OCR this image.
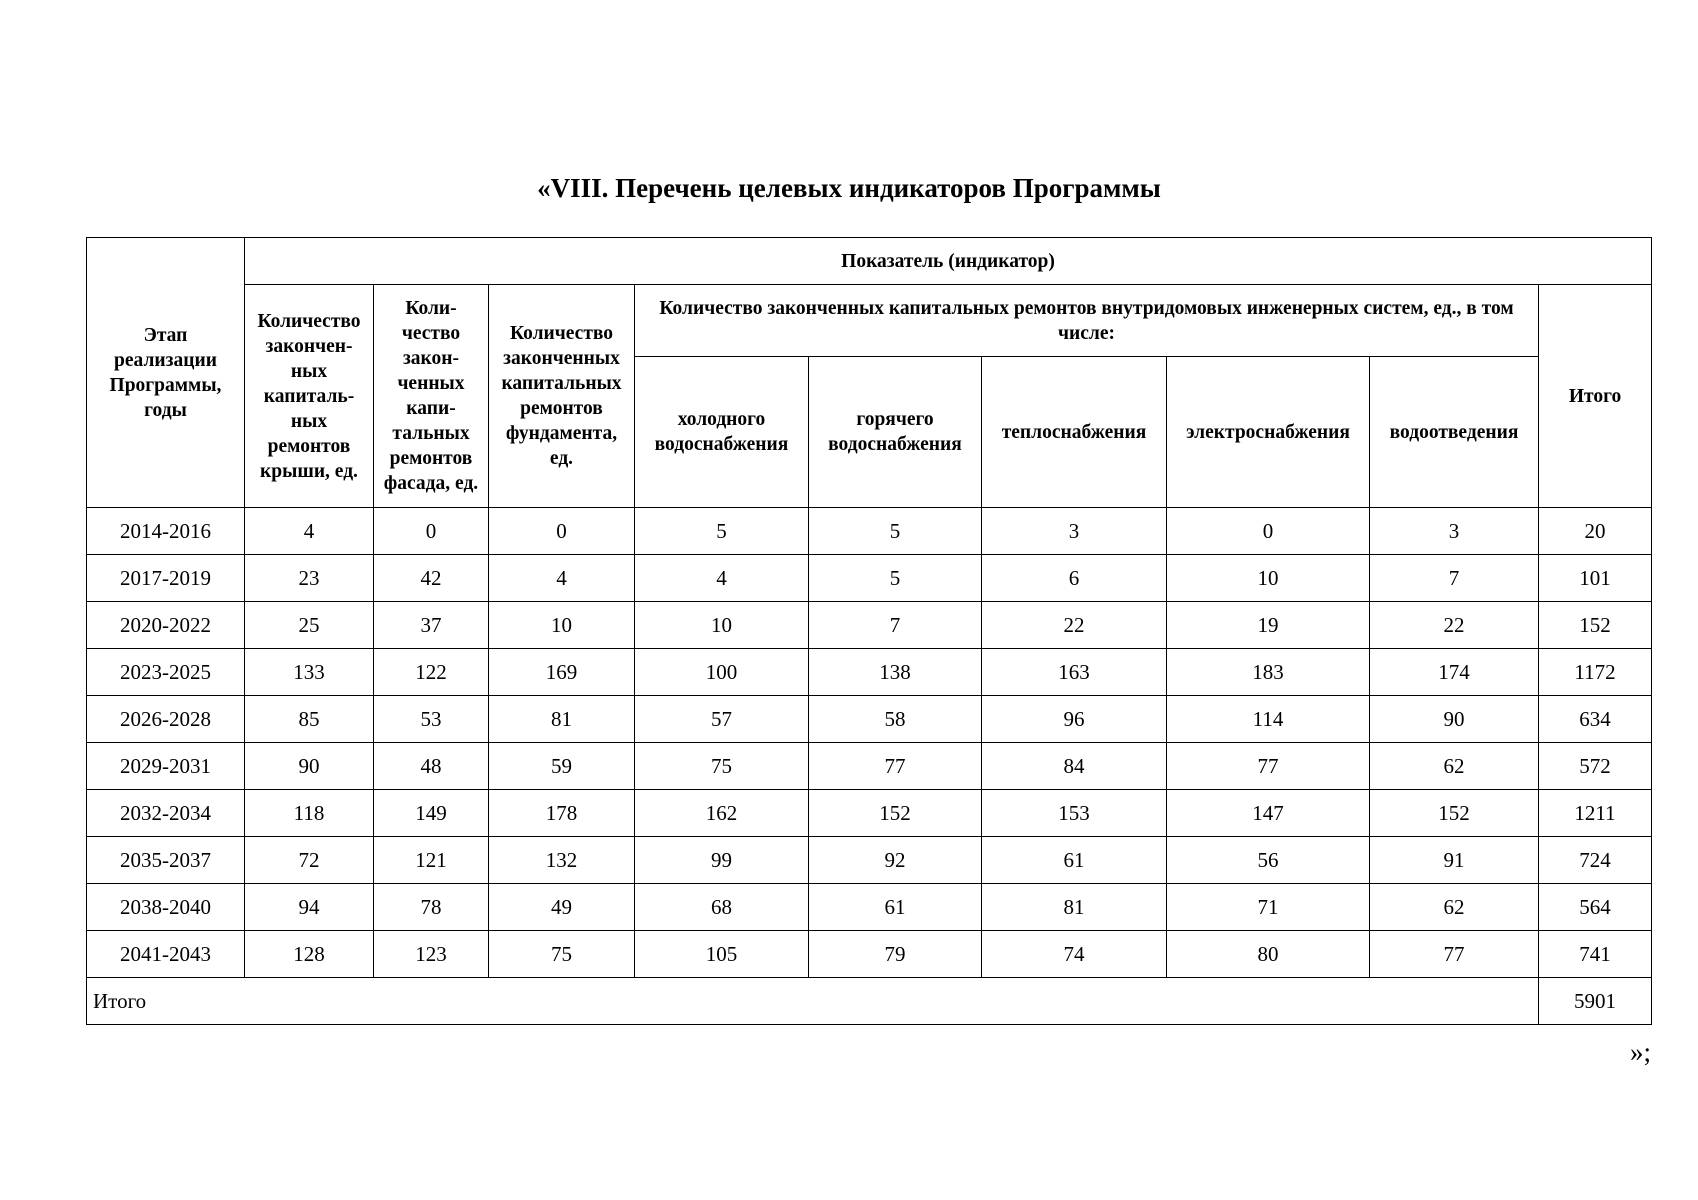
«VIII. Перечень целевых индикаторов Программы
Этап реализации Программы, годы	Показатель (индикатор)								
	Количество закончен-ных капиталь-ных ремонтов крыши, ед.	Коли-чество закон-ченных капи-тальных ремонтов фасада, ед.	Количество законченных капитальных ремонтов фундамента, ед.	Количество законченных капитальных ремонтов внутридомовых инженерных систем, ед., в том числе:					Итого
				холодного водоснабжения	горячего водоснабжения	теплоснабжения	электроснабжения	водоотведения	
2014-2016	4	0	0	5	5	3	0	3	20
2017-2019	23	42	4	4	5	6	10	7	101
2020-2022	25	37	10	10	7	22	19	22	152
2023-2025	133	122	169	100	138	163	183	174	1172
2026-2028	85	53	81	57	58	96	114	90	634
2029-2031	90	48	59	75	77	84	77	62	572
2032-2034	118	149	178	162	152	153	147	152	1211
2035-2037	72	121	132	99	92	61	56	91	724
2038-2040	94	78	49	68	61	81	71	62	564
2041-2043	128	123	75	105	79	74	80	77	741
Итого									5901
»;
